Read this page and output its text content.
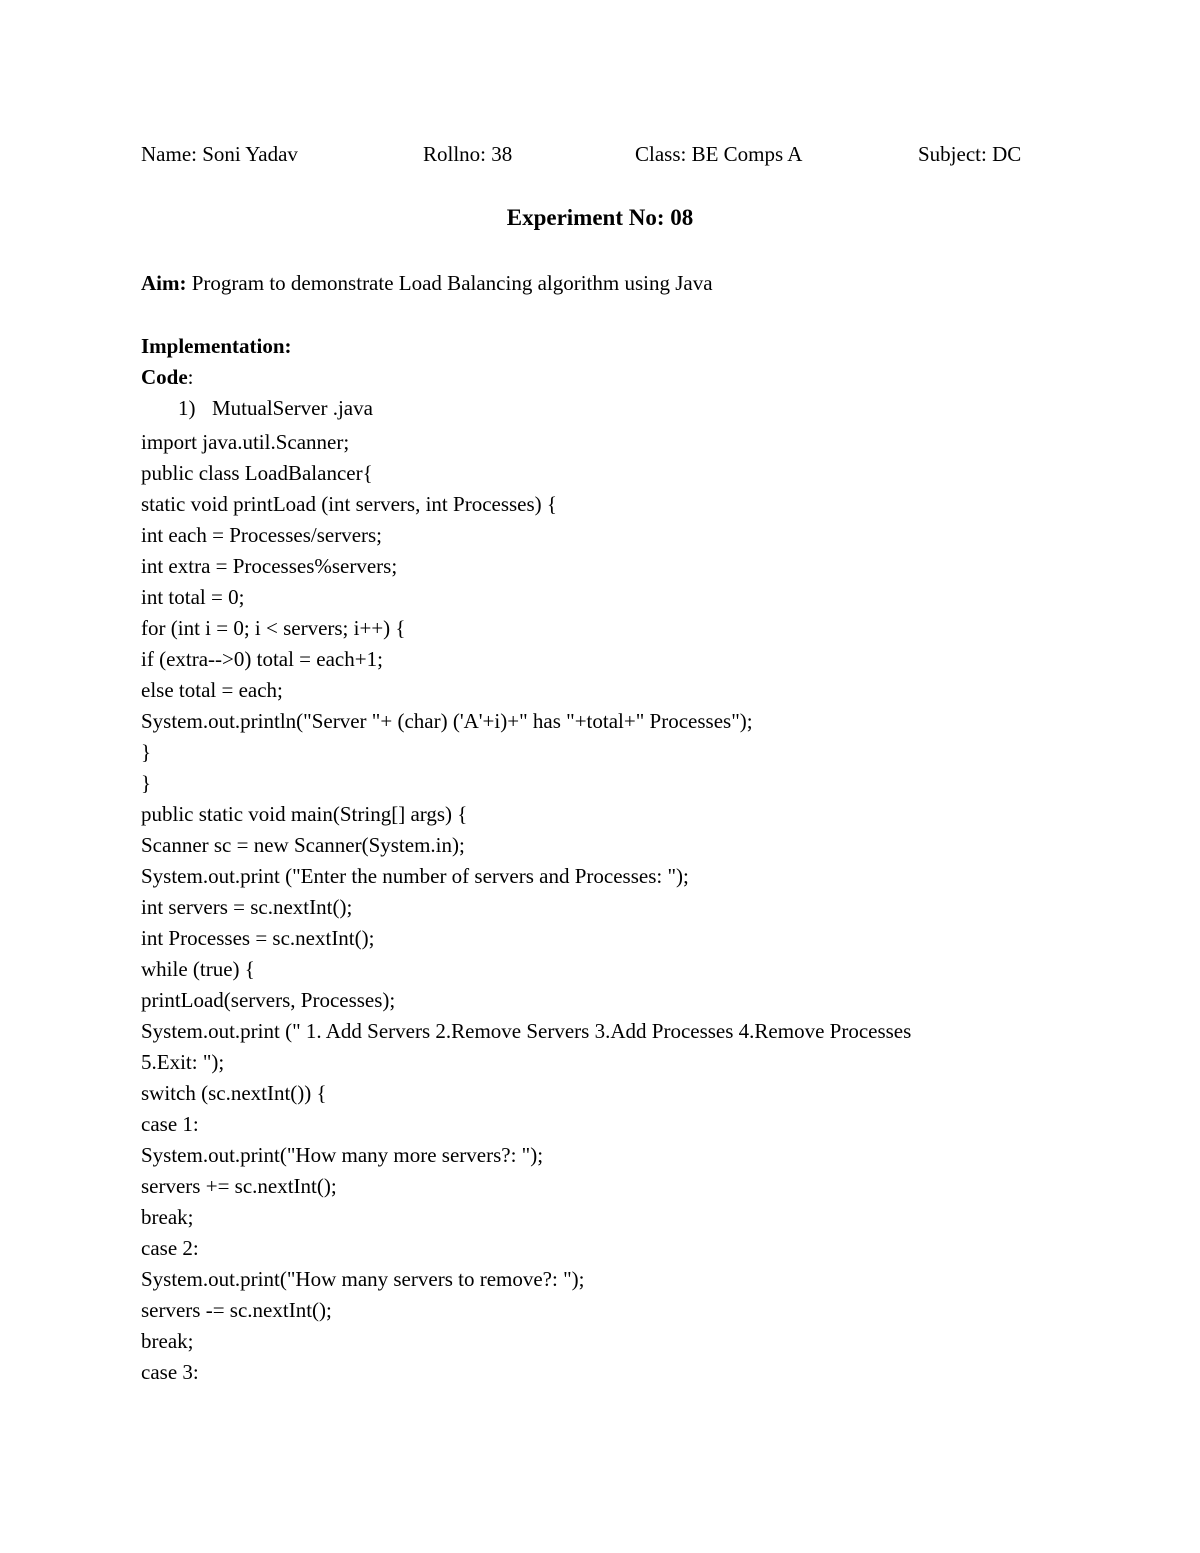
Name: Soni Yadav	Rollno: 38	Class: BE Comps A	Subject: DC
Experiment No: 08
Aim: Program to demonstrate Load Balancing algorithm using Java
Implementation:
Code:
1) MutualServer .java
import java.util.Scanner;
public class LoadBalancer{
static void printLoad (int servers, int Processes) {
int each = Processes/servers;
int extra = Processes%servers;
int total = 0;
for (int i = 0; i < servers; i++) {
if (extra-->0) total = each+1;
else total = each;
System.out.println("Server "+ (char) ('A'+i)+" has "+total+" Processes");
}
}
public static void main(String[] args) {
Scanner sc = new Scanner(System.in);
System.out.print ("Enter the number of servers and Processes: ");
int servers = sc.nextInt();
int Processes = sc.nextInt();
while (true) {
printLoad(servers, Processes);
System.out.print (" 1. Add Servers 2.Remove Servers 3.Add Processes 4.Remove Processes
5.Exit: ");
switch (sc.nextInt()) {
case 1:
System.out.print("How many more servers?: ");
servers += sc.nextInt();
break;
case 2:
System.out.print("How many servers to remove?: ");
servers -= sc.nextInt();
break;
case 3:
